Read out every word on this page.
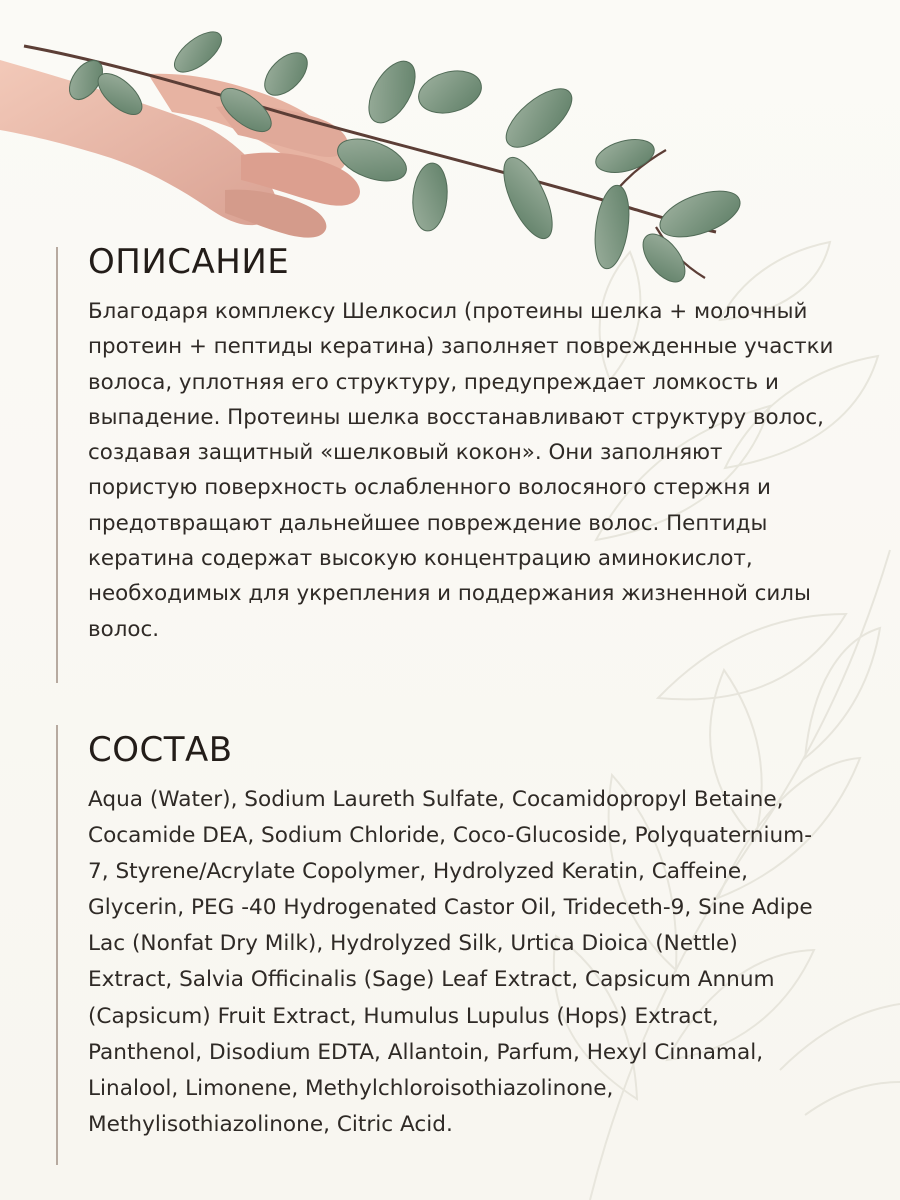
ОПИСАНИЕ

Благодаря комплексу Шелкосил (протеины шелка + молочный протеин + пептиды кератина) заполняет поврежденные участки волоса, уплотняя его структуру, предупреждает ломкость и выпадение. Протеины шелка восстанавливают структуру волос, создавая защитный «шелковый кокон». Они заполняют пористую поверхность ослабленного волосяного стержня и предотвращают дальнейшее повреждение волос. Пептиды кератина содержат высокую концентрацию аминокислот, необходимых для укрепления и поддержания жизненной силы волос.

СОСТАВ

Aqua (Water), Sodium Laureth Sulfate, Cocamidopropyl Betaine, Cocamide DEA, Sodium Chloride, Coco-Glucoside, Polyquaternium-7, Styrene/Acrylate Copolymer, Hydrolyzed Keratin, Caffeine, Glycerin, PEG -40 Hydrogenated Castor Oil, Trideceth-9, Sine Adipe Lac (Nonfat Dry Milk), Hydrolyzed Silk, Urtica Dioica (Nettle) Extract, Salvia Officinalis (Sage) Leaf Extract, Capsicum Annum (Capsicum) Fruit Extract, Humulus Lupulus (Hops) Extract, Panthenol, Disodium EDTA, Allantoin, Parfum, Hexyl Cinnamal, Linalool, Limonene, Methylchloroisothiazolinone, Methylisothiazolinone, Citric Acid.
